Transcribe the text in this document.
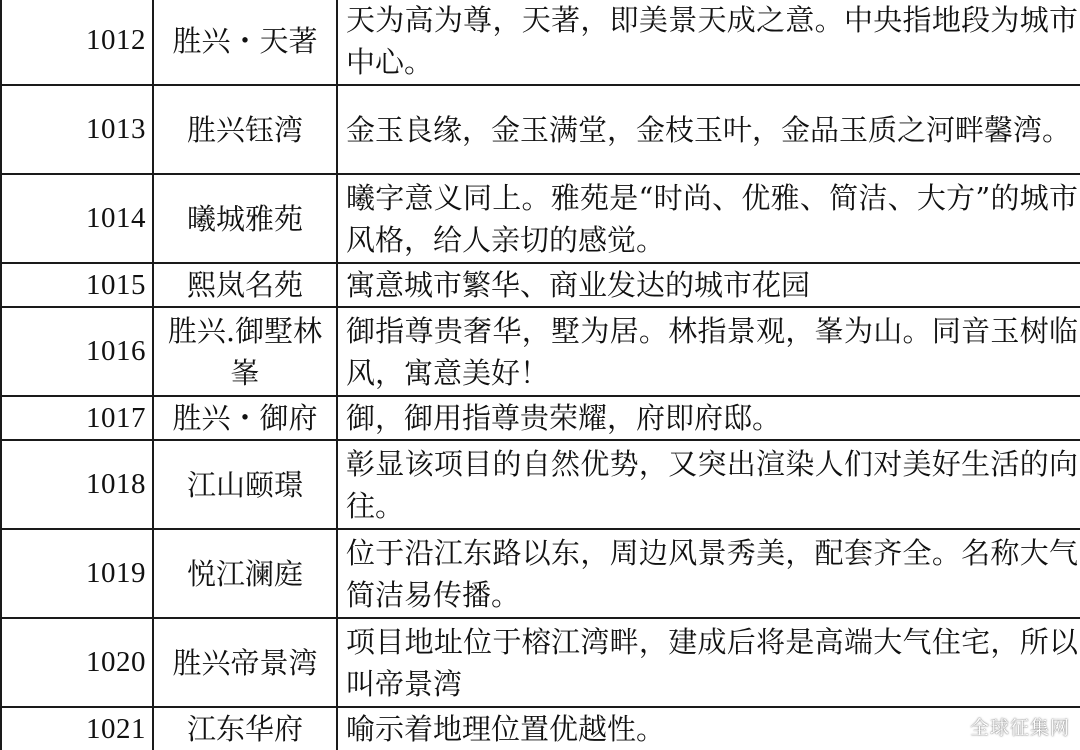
1012	胜兴・天著	天为高为尊，天著，即美景天成之意。中央指地段为城市中心。
1013	胜兴钰湾	金玉良缘，金玉满堂，金枝玉叶，金品玉质之河畔馨湾。
1014	曦城雅苑	曦字意义同上。雅苑是“时尚、优雅、简洁、大方”的城市风格，给人亲切的感觉。
1015	熙岚名苑	寓意城市繁华、商业发达的城市花园
1016	胜兴.御墅林峯	御指尊贵奢华，墅为居。林指景观，峯为山。同音玉树临风，寓意美好！
1017	胜兴・御府	御，御用指尊贵荣耀，府即府邸。
1018	江山颐璟	彰显该项目的自然优势，又突出渲染人们对美好生活的向往。
1019	悦江澜庭	位于沿江东路以东，周边风景秀美，配套齐全。名称大气简洁易传播。
1020	胜兴帝景湾	项目地址位于榕江湾畔，建成后将是高端大气住宅，所以叫帝景湾
1021	江东华府	喻示着地理位置优越性。	全球征集网
